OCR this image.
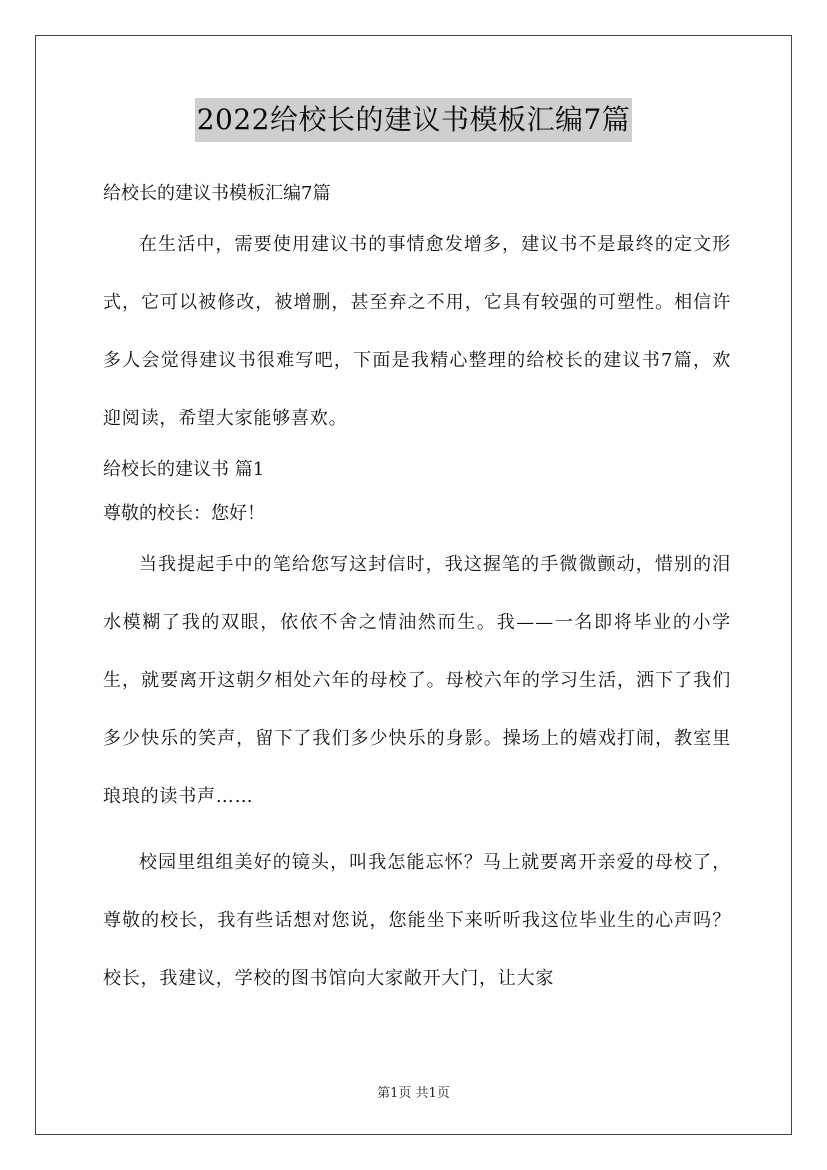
2022给校长的建议书模板汇编7篇

给校长的建议书模板汇编7篇

在生活中，需要使用建议书的事情愈发增多，建议书不是最终的定文形式，它可以被修改，被增删，甚至弃之不用，它具有较强的可塑性。相信许多人会觉得建议书很难写吧，下面是我精心整理的给校长的建议书7篇，欢迎阅读，希望大家能够喜欢。

给校长的建议书 篇1

尊敬的校长：您好！

当我提起手中的笔给您写这封信时，我这握笔的手微微颤动，惜别的泪水模糊了我的双眼，依依不舍之情油然而生。我——一名即将毕业的小学生，就要离开这朝夕相处六年的母校了。母校六年的学习生活，洒下了我们多少快乐的笑声，留下了我们多少快乐的身影。操场上的嬉戏打闹，教室里琅琅的读书声……

校园里组组美好的镜头，叫我怎能忘怀？马上就要离开亲爱的母校了，尊敬的校长，我有些话想对您说，您能坐下来听听我这位毕业生的心声吗？校长，我建议，学校的图书馆向大家敞开大门，让大家

第1页 共1页
